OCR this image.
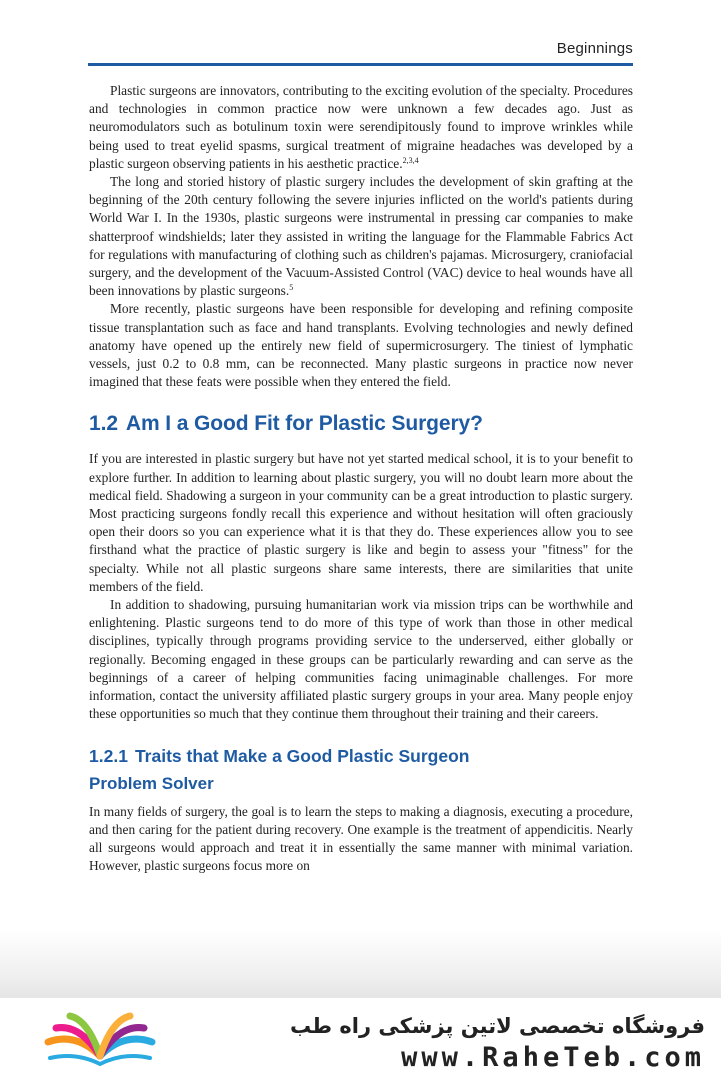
Beginnings

Plastic surgeons are innovators, contributing to the exciting evolution of the specialty. Procedures and technologies in common practice now were unknown a few decades ago. Just as neuromodulators such as botulinum toxin were serendipitously found to improve wrinkles while being used to treat eyelid spasms, surgical treatment of migraine headaches was developed by a plastic surgeon observing patients in his aesthetic practice.$^{2,3,4}$

The long and storied history of plastic surgery includes the development of skin grafting at the beginning of the 20th century following the severe injuries inflicted on the world's patients during World War I. In the 1930s, plastic surgeons were instrumental in pressing car companies to make shatterproof windshields; later they assisted in writing the language for the Flammable Fabrics Act for regulations with manufacturing of clothing such as children's pajamas. Microsurgery, craniofacial surgery, and the development of the Vacuum-Assisted Control (VAC) device to heal wounds have all been innovations by plastic surgeons.$^5$

More recently, plastic surgeons have been responsible for developing and refining composite tissue transplantation such as face and hand transplants. Evolving technologies and newly defined anatomy have opened up the entirely new field of supermicrosurgery. The tiniest of lymphatic vessels, just 0.2 to 0.8 mm, can be reconnected. Many plastic surgeons in practice now never imagined that these feats were possible when they entered the field.

1.2 Am I a Good Fit for Plastic Surgery?

If you are interested in plastic surgery but have not yet started medical school, it is to your benefit to explore further. In addition to learning about plastic surgery, you will no doubt learn more about the medical field. Shadowing a surgeon in your community can be a great introduction to plastic surgery. Most practicing surgeons fondly recall this experience and without hesitation will often graciously open their doors so you can experience what it is that they do. These experiences allow you to see firsthand what the practice of plastic surgery is like and begin to assess your "fitness" for the specialty. While not all plastic surgeons share same interests, there are similarities that unite members of the field.

In addition to shadowing, pursuing humanitarian work via mission trips can be worthwhile and enlightening. Plastic surgeons tend to do more of this type of work than those in other medical disciplines, typically through programs providing service to the underserved, either globally or regionally. Becoming engaged in these groups can be particularly rewarding and can serve as the beginnings of a career of helping communities facing unimaginable challenges. For more information, contact the university affiliated plastic surgery groups in your area. Many people enjoy these opportunities so much that they continue them throughout their training and their careers.

1.2.1 Traits that Make a Good Plastic Surgeon
Problem Solver

In many fields of surgery, the goal is to learn the steps to making a diagnosis, executing a procedure, and then caring for the patient during recovery. One example is the treatment of appendicitis. Nearly all surgeons would approach and treat it in essentially the same manner with minimal variation. However, plastic surgeons focus more on

فروشگاه تخصصی لاتین پزشکی راه طب
www.RaheTeb.com
